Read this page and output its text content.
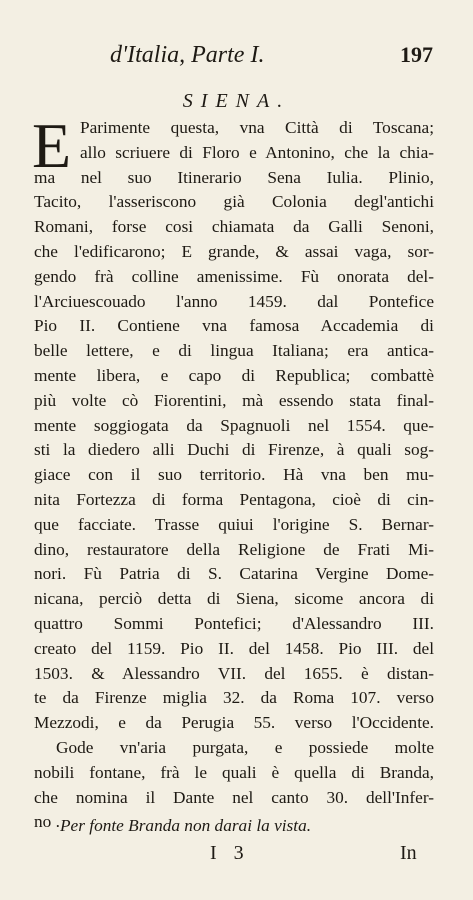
d'Italia, Parte I.	197
SIENA.
E Parimente questa, vna Città di Toscana;
allo scriuere di Floro e Antonino, che la chia-
ma nel suo Itinerario Sena Iulia. Plinio,
Tacito, l'asseriscono già Colonia degl'antichi
Romani, forse cosi chiamata da Galli Senoni,
che l'edificarono; E grande, & assai vaga, sor-
gendo frà colline amenissime. Fù onorata del-
l'Arciuescouado l'anno 1459. dal Pontefice
Pio II. Contiene vna famosa Accademia di
belle lettere, e di lingua Italiana; era antica-
mente libera, e capo di Republica; combattè
più volte cò Fiorentini, mà essendo stata final-
mente soggiogata da Spagnuoli nel 1554. que-
sti la diedero alli Duchi di Firenze, à quali sog-
giace con il suo territorio. Hà vna ben mu-
nita Fortezza di forma Pentagona, cioè di cin-
que facciate. Trasse quiui l'origine S. Bernar-
dino, restauratore della Religione de Frati Mi-
nori. Fù Patria di S. Catarina Vergine Dome-
nicana, perciò detta di Siena, sicome ancora di
quattro Sommi Pontefici; d'Alessandro III.
creato del 1159. Pio II. del 1458. Pio III. del
1503. & Alessandro VII. del 1655. è distan-
te da Firenze miglia 32. da Roma 107. verso
Mezzodi, e da Perugia 55. verso l'Occidente.
Gode vn'aria purgata, e possiede molte
nobili fontane, frà le quali è quella di Branda,
che nomina il Dante nel canto 30. dell'Infer-
no . Per fonte Branda non darai la vista.
I 3	In
